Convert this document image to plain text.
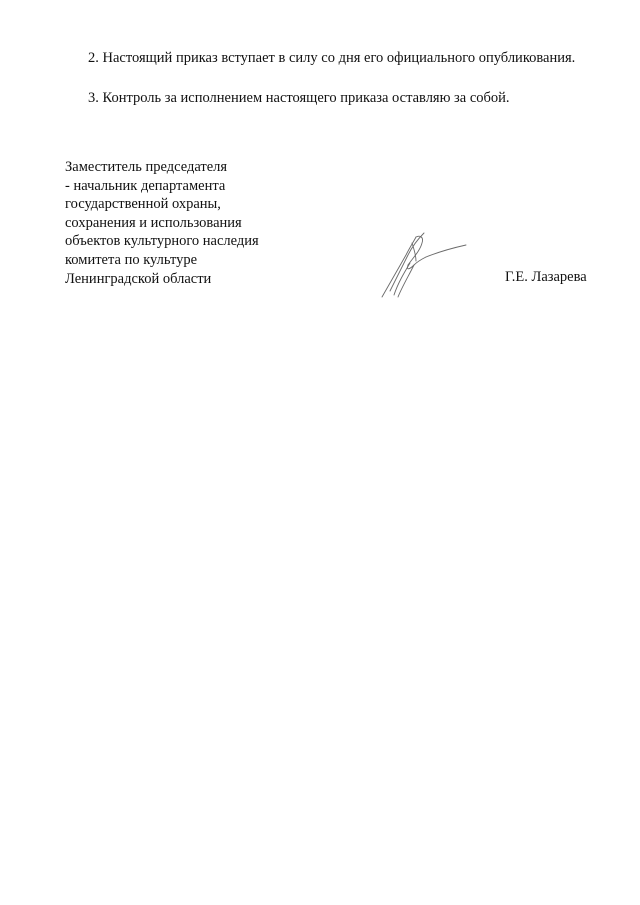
2. Настоящий приказ вступает в силу со дня его официального опубликования.

3. Контроль за исполнением настоящего приказа оставляю за собой.

Заместитель председателя
- начальник департамента
государственной охраны,
сохранения и использования
объектов культурного наследия
комитета по культуре
Ленинградской области	Г.Е. Лазарева
